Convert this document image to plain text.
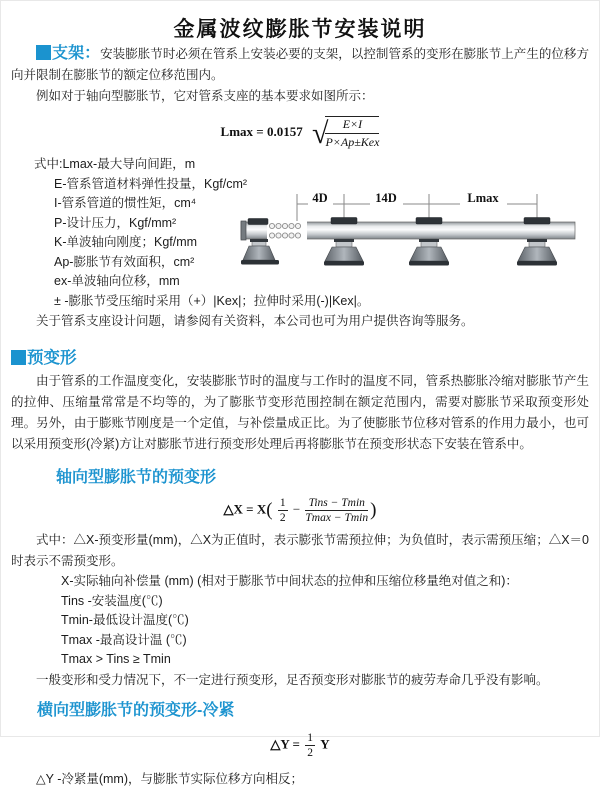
金属波纹膨胀节安装说明

支架：安装膨胀节时必须在管系上安装必要的支架，以控制管系的变形在膨胀节上产生的位移方向并限制在膨胀节的额定位移范围内。

例如对于轴向型膨胀节，它对管系支座的基本要求如图所示：

Lmax = 0.0157 √
$\frac{E\times I}{\text{P×Ap±Kex}}$
式中:Lmax-最大导向间距，m
E-管系管道材料弹性投量，Kgf/cm²
I-管系管道的惯性矩，cm⁴
P-设计压力，Kgf/mm²
K-单波轴向刚度；Kgf/mm
Ap-膨胀节有效面积，cm²
ex-单波轴向位移，mm
± -膨胀节受压缩时采用（+）|Kex|；拉伸时采用(-)|Kex|。
4D	14D	Lmax

关于管系支座设计问题，请参阅有关资料，本公司也可为用户提供咨询等服务。

预变形

由于管系的工作温度变化，安装膨胀节时的温度与工作时的温度不同，管系热膨胀冷缩对膨胀节产生的拉伸、压缩量常常是不均等的，为了膨胀节变形范围控制在额定范围内，需要对膨胀节采取预变形处理。另外，由于膨账节刚度是一个定值，与补偿量成正比。为了使膨胀节位移对管系的作用力最小，也可以采用预变形(冷紧)方让对膨胀节进行预变形处理后再将膨胀节在预变形状态下安装在管系中。

轴向型膨胀节的预变形
△X = $X( \frac{1}{2} - \frac{\text{Tins − Tmin}}{Tmax - Tmin}$ )

式中：△X-预变形量(mm)，△X为正值时，表示膨张节需预拉伸；为负值时，表示需预压缩；△X＝0时表示不需预变形。

X-实际轴向补偿量 (mm) (相对于膨胀节中间状态的拉伸和压缩位移量绝对值之和)：
Tins -安装温度(℃)
Tmin-最低设计温度(℃)
Tmax -最高设计温 (℃)
Tmax > Tins ≥ Tmin

一般变形和受力情况下，不一定进行预变形，足否预变形对膨胀节的疲劳寿命几乎没有影响。

横向型膨胀节的预变形-冷紧
△Y = $\frac{1}{2}$ Y

△Y -冷紧量(mm)，与膨胀节实际位移方向相反；
